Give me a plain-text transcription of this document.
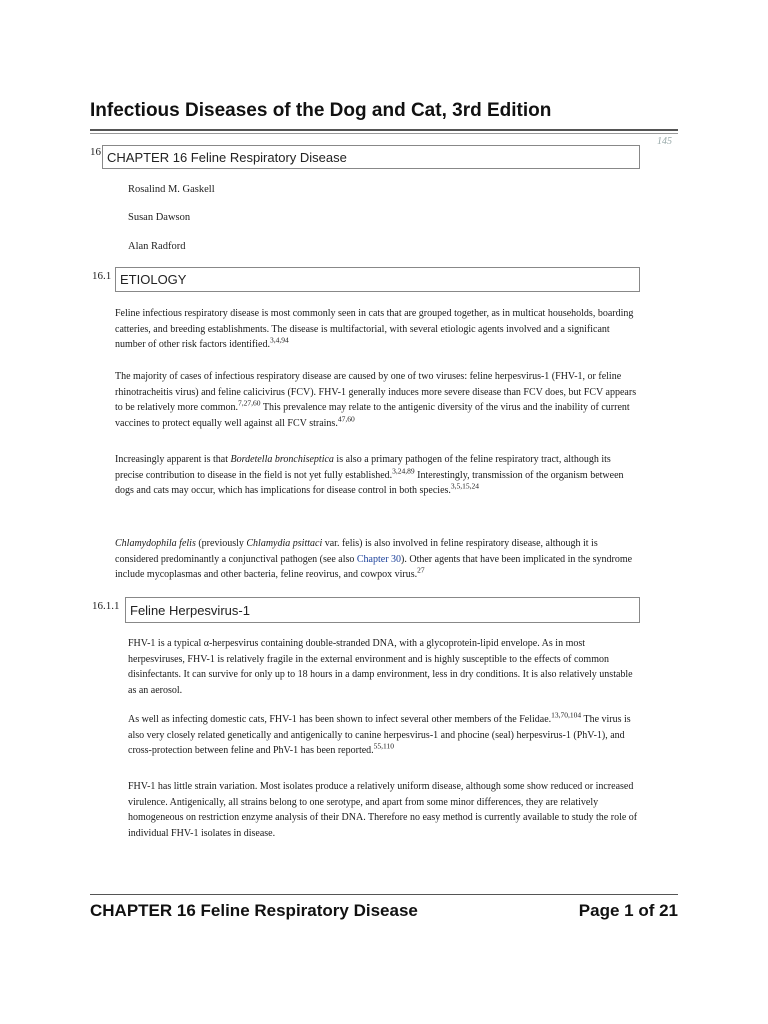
Infectious Diseases of the Dog and Cat, 3rd Edition
145
16 CHAPTER 16 Feline Respiratory Disease
Rosalind M. Gaskell
Susan Dawson
Alan Radford
16.1 ETIOLOGY
Feline infectious respiratory disease is most commonly seen in cats that are grouped together, as in multicat households, boarding catteries, and breeding establishments. The disease is multifactorial, with several etiologic agents involved and a significant number of other risk factors identified.$^{3,4,94}$
The majority of cases of infectious respiratory disease are caused by one of two viruses: feline herpesvirus-1 (FHV-1, or feline rhinotracheitis virus) and feline calicivirus (FCV). FHV-1 generally induces more severe disease than FCV does, but FCV appears to be relatively more common.$^{7,27,60}$ This prevalence may relate to the antigenic diversity of the virus and the inability of current vaccines to protect equally well against all FCV strains.$^{47,60}$
Increasingly apparent is that Bordetella bronchiseptica is also a primary pathogen of the feline respiratory tract, although its precise contribution to disease in the field is not yet fully established.$^{3,24,89}$ Interestingly, transmission of the organism between dogs and cats may occur, which has implications for disease control in both species.$^{3,5,15,24}$
Chlamydophila felis (previously Chlamydia psittaci var. felis) is also involved in feline respiratory disease, although it is considered predominantly a conjunctival pathogen (see also Chapter 30). Other agents that have been implicated in the syndrome include mycoplasmas and other bacteria, feline reovirus, and cowpox virus.$^{27}$
16.1.1 Feline Herpesvirus-1
FHV-1 is a typical α-herpesvirus containing double-stranded DNA, with a glycoprotein-lipid envelope. As in most herpesviruses, FHV-1 is relatively fragile in the external environment and is highly susceptible to the effects of common disinfectants. It can survive for only up to 18 hours in a damp environment, less in dry conditions. It is also relatively unstable as an aerosol.
As well as infecting domestic cats, FHV-1 has been shown to infect several other members of the Felidae.$^{13,70,104}$ The virus is also very closely related genetically and antigenically to canine herpesvirus-1 and phocine (seal) herpesvirus-1 (PhV-1), and cross-protection between feline and PhV-1 has been reported.$^{55,110}$
FHV-1 has little strain variation. Most isolates produce a relatively uniform disease, although some show reduced or increased virulence. Antigenically, all strains belong to one serotype, and apart from some minor differences, they are relatively homogeneous on restriction enzyme analysis of their DNA. Therefore no easy method is currently available to study the role of individual FHV-1 isolates in disease.
CHAPTER 16 Feline Respiratory Disease	Page 1 of 21
